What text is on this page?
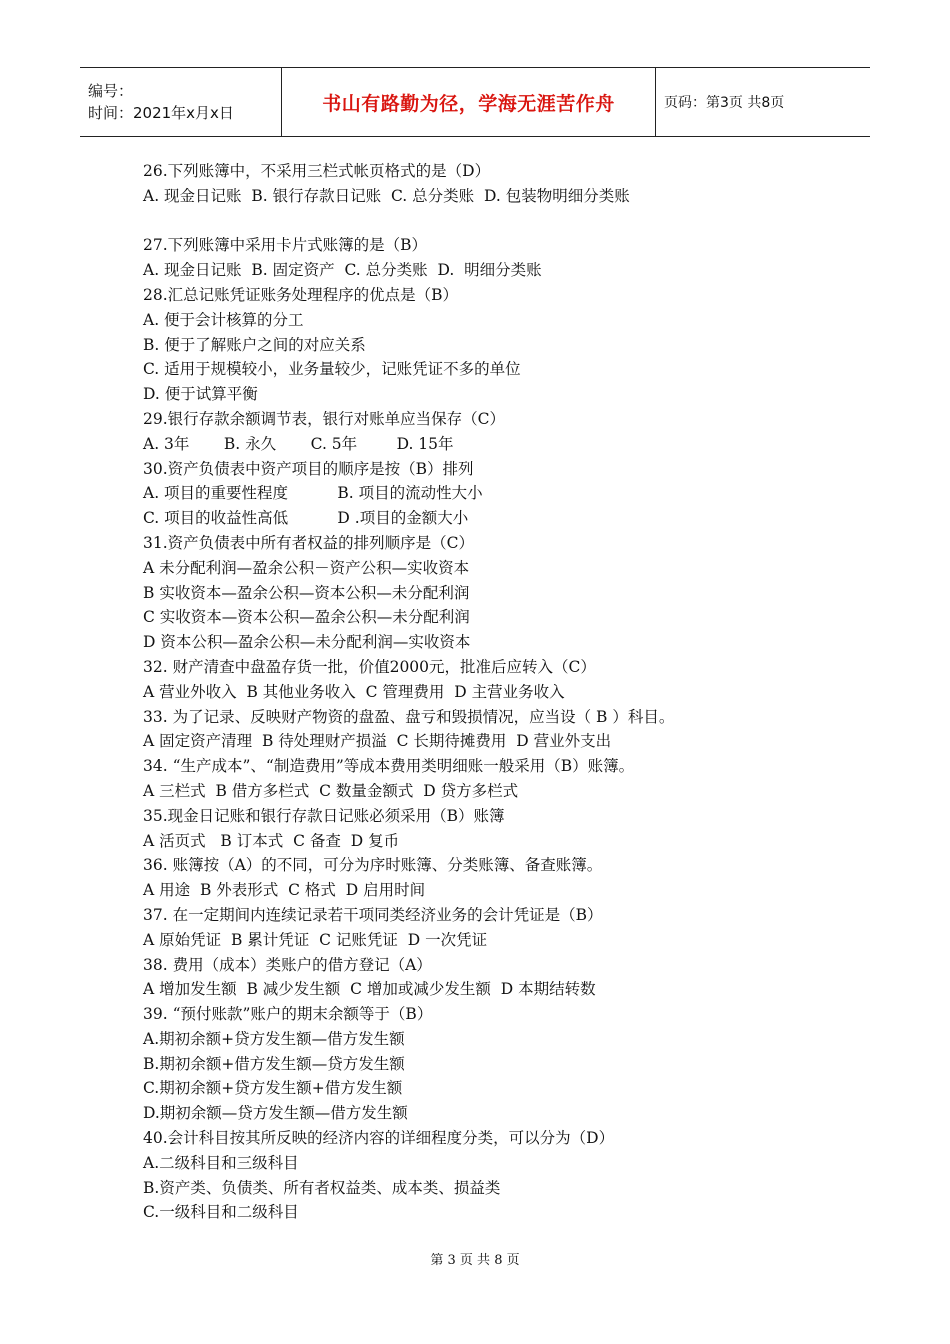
编号：
时间：2021年x月x日	书山有路勤为径，学海无涯苦作舟	页码：第3页 共8页
26.下列账簿中，不采用三栏式帐页格式的是（D）
A. 现金日记账  B. 银行存款日记账  C. 总分类账  D. 包装物明细分类账
27.下列账簿中采用卡片式账簿的是（B）
A. 现金日记账  B. 固定资产  C. 总分类账  D.  明细分类账
28.汇总记账凭证账务处理程序的优点是（B）
A. 便于会计核算的分工
B. 便于了解账户之间的对应关系
C. 适用于规模较小，业务量较少，记账凭证不多的单位
D. 便于试算平衡
29.银行存款余额调节表，银行对账单应当保存（C）
A. 3年       B. 永久       C. 5年        D. 15年
30.资产负债表中资产项目的顺序是按（B）排列
A. 项目的重要性程度          B. 项目的流动性大小
C. 项目的收益性高低          D .项目的金额大小
31.资产负债表中所有者权益的排列顺序是（C）
A 未分配利润—盈余公积－资产公积—实收资本
B 实收资本—盈余公积—资本公积—未分配利润
C 实收资本—资本公积—盈余公积—未分配利润
D 资本公积—盈余公积—未分配利润—实收资本
32. 财产清查中盘盈存货一批，价值2000元，批准后应转入（C）
A 营业外收入  B 其他业务收入  C 管理费用  D 主营业务收入
33. 为了记录、反映财产物资的盘盈、盘亏和毁损情况，应当设（ B ）科目。
A 固定资产清理  B 待处理财产损溢  C 长期待摊费用  D 营业外支出
34. “生产成本”、“制造费用”等成本费用类明细账一般采用（B）账簿。
A 三栏式  B 借方多栏式  C 数量金额式  D 贷方多栏式
35.现金日记账和银行存款日记账必须采用（B）账簿
A 活页式   B 订本式  C 备查  D 复币
36. 账簿按（A）的不同，可分为序时账簿、分类账簿、备查账簿。
A 用途  B 外表形式  C 格式  D 启用时间
37. 在一定期间内连续记录若干项同类经济业务的会计凭证是（B）
A 原始凭证  B 累计凭证  C 记账凭证  D 一次凭证
38. 费用（成本）类账户的借方登记（A）
A 增加发生额  B 减少发生额  C 增加或减少发生额  D 本期结转数
39. “预付账款”账户的期末余额等于（B）
A.期初余额+贷方发生额—借方发生额
B.期初余额+借方发生额—贷方发生额
C.期初余额+贷方发生额+借方发生额
D.期初余额—贷方发生额—借方发生额
40.会计科目按其所反映的经济内容的详细程度分类，可以分为（D）
A.二级科目和三级科目
B.资产类、负债类、所有者权益类、成本类、损益类
C.一级科目和二级科目
第 3 页 共 8 页
